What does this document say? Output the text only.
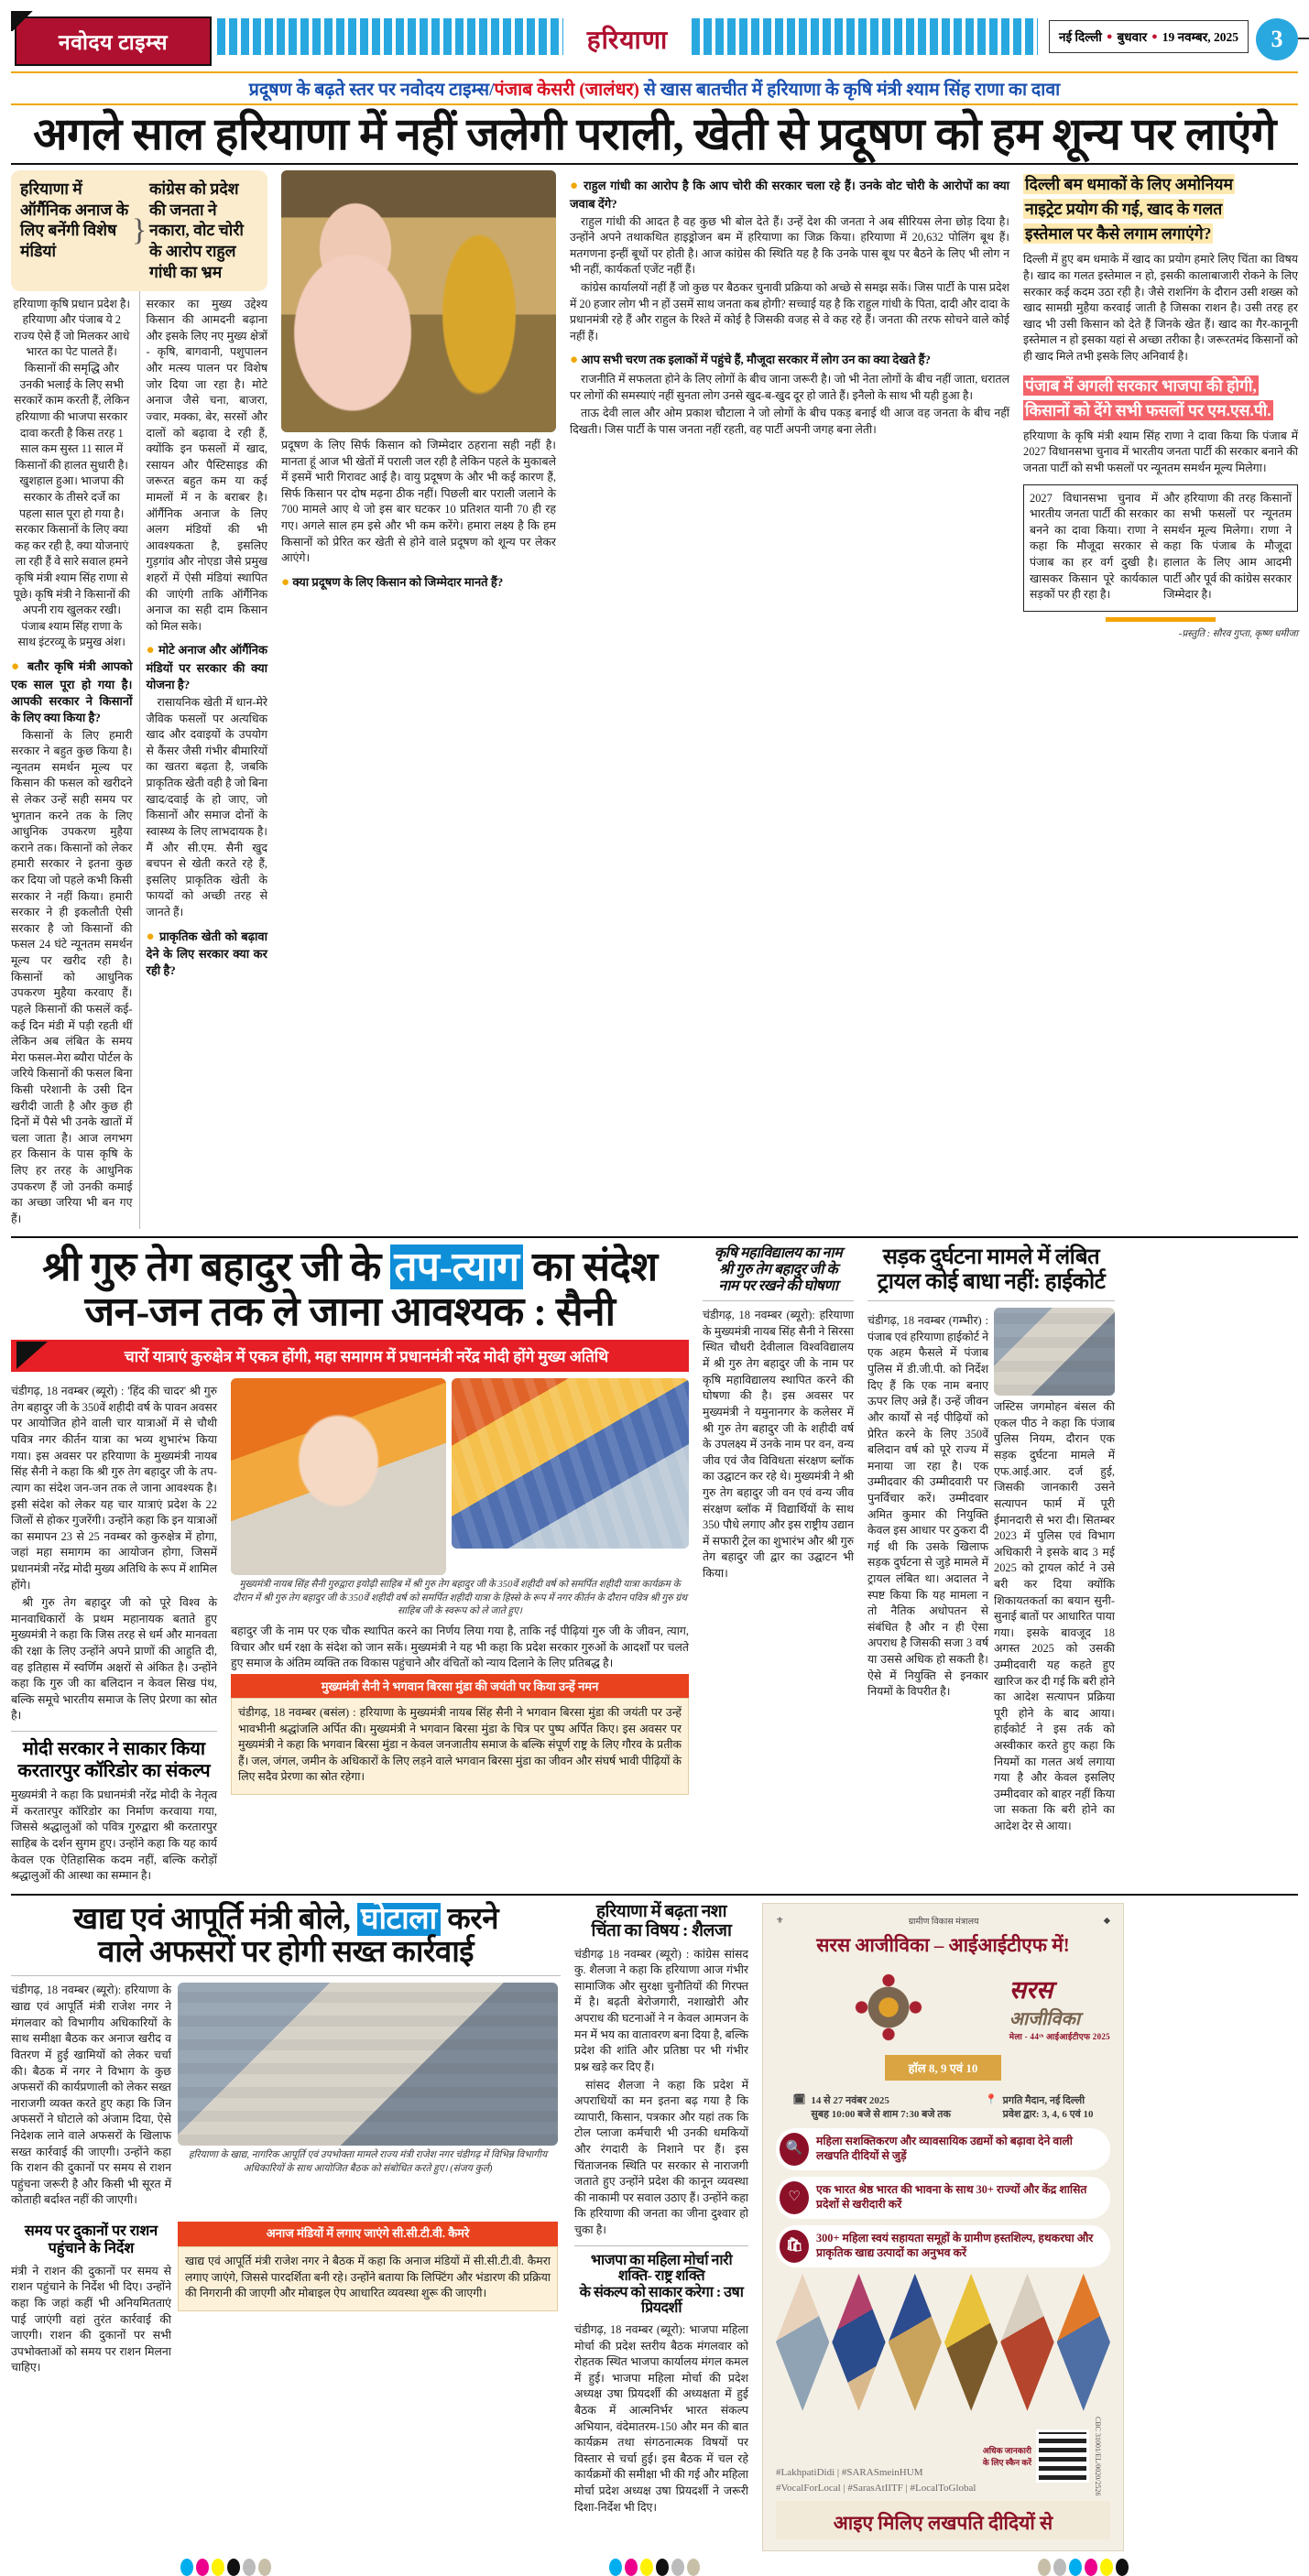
नवोदय टाइम्स	हरियाणा	नई दिल्ली ● बुधवार ● 19 नवम्बर, 2025	3
प्रदूषण के बढ़ते स्तर पर नवोदय टाइम्स/पंजाब केसरी (जालंधर) से खास बातचीत में हरियाणा के कृषि मंत्री श्याम सिंह राणा का दावा
अगले साल हरियाणा में नहीं जलेगी पराली, खेती से प्रदूषण को हम शून्य पर लाएंगे
हरियाणा में ऑर्गैनिक अनाज के लिए बनेंगी विशेष मंडियां
}
कांग्रेस को प्रदेश की जनता ने नकारा, वोट चोरी के आरोप राहुल गांधी का भ्रम

हरियाणा कृषि प्रधान प्रदेश है। हरियाणा और पंजाब ये 2 राज्य ऐसे हैं जो मिलकर आधे भारत का पेट पालते हैं। किसानों की समृद्धि और उनकी भलाई के लिए सभी सरकारें काम करती हैं, लेकिन हरियाणा की भाजपा सरकार दावा करती है किस तरह 1 साल कम सुस्त 11 साल में किसानों की हालत सुधारी है। खुशहाल हुआ। भाजपा की सरकार के तीसरे दर्जे का पहला साल पूरा हो गया है। सरकार किसानों के लिए क्या कह कर रही है, क्या योजनाएं ला रही हैं वे सारे सवाल हमने कृषि मंत्री श्याम सिंह राणा से पूछे। कृषि मंत्री ने किसानों की अपनी राय खुलकर रखी। पंजाब श्याम सिंह राणा के साथ इंटरव्यू के प्रमुख अंश।

● बतौर कृषि मंत्री आपको एक साल पूरा हो गया है। आपकी सरकार ने किसानों के लिए क्या किया है?

किसानों के लिए हमारी सरकार ने बहुत कुछ किया है। न्यूनतम समर्थन मूल्य पर किसान की फसल को खरीदने से लेकर उन्हें सही समय पर भुगतान करने तक के लिए आधुनिक उपकरण मुहैया कराने तक। किसानों को लेकर हमारी सरकार ने इतना कुछ कर दिया जो पहले कभी किसी सरकार ने नहीं किया। हमारी सरकार ने ही इकलौती ऐसी सरकार है जो किसानों की फसल 24 घंटे न्यूनतम समर्थन मूल्य पर खरीद रही है। किसानों को आधुनिक उपकरण मुहैया करवाए हैं। पहले किसानों की फसलें कई-कई दिन मंडी में पड़ी रहती थीं लेकिन अब लंबित के समय मेरा फसल-मेरा ब्यौरा पोर्टल के जरिये किसानों की फसल बिना किसी परेशानी के उसी दिन खरीदी जाती है और कुछ ही दिनों में पैसे भी उनके खातों में चला जाता है। आज लगभग हर किसान के पास कृषि के लिए हर तरह के आधुनिक उपकरण हैं जो उनकी कमाई का अच्छा जरिया भी बन गए हैं।

सरकार का मुख्य उद्देश्य किसान की आमदनी बढ़ाना और इसके लिए नए मुख्य क्षेत्रों - कृषि, बागवानी, पशुपालन और मत्स्य पालन पर विशेष जोर दिया जा रहा है। मोटे अनाज जैसे चना, बाजरा, ज्वार, मक्का, बेर, सरसों और दालों को बढ़ावा दे रही हैं, क्योंकि इन फसलों में खाद, रसायन और पैस्टिसाइड की जरूरत बहुत कम या कई मामलों में न के बराबर है। ऑर्गैनिक अनाज के लिए अलग मंडियों की भी आवश्यकता है, इसलिए गुड़गांव और नोएडा जैसे प्रमुख शहरों में ऐसी मंडियां स्थापित की जाएंगी ताकि ऑर्गैनिक अनाज का सही दाम किसान को मिल सके।

● मोटे अनाज और ऑर्गैनिक मंडियों पर सरकार की क्या योजना है?

रासायनिक खेती में धान-मेरे जैविक फसलों पर अत्यधिक खाद और दवाइयों के उपयोग से कैंसर जैसी गंभीर बीमारियों का खतरा बढ़ता है, जबकि प्राकृतिक खेती वही है जो बिना खाद/दवाई के हो जाए, जो किसानों और समाज दोनों के स्वास्थ्य के लिए लाभदायक है। मैं और सी.एम. सैनी खुद बचपन से खेती करते रहे हैं, इसलिए प्राकृतिक खेती के फायदों को अच्छी तरह से जानते हैं।

● प्राकृतिक खेती को बढ़ावा देने के लिए सरकार क्या कर रही है?

प्रदूषण के लिए सिर्फ किसान को जिम्मेदार ठहराना सही नहीं है। मानता हूं आज भी खेतों में पराली जल रही है लेकिन पहले के मुकाबले में इसमें भारी गिरावट आई है। वायु प्रदूषण के और भी कई कारण हैं, सिर्फ किसान पर दोष मढ़ना ठीक नहीं। पिछली बार पराली जलाने के 700 मामले आए थे जो इस बार घटकर 10 प्रतिशत यानी 70 ही रह गए। अगले साल हम इसे और भी कम करेंगे। हमारा लक्ष्य है कि हम किसानों को प्रेरित कर खेती से होने वाले प्रदूषण को शून्य पर लेकर आएंगे।

● क्या प्रदूषण के लिए किसान को जिम्मेदार मानते हैं?

● राहुल गांधी का आरोप है कि आप चोरी की सरकार चला रहे हैं। उनके वोट चोरी के आरोपों का क्या जवाब देंगे?

राहुल गांधी की आदत है वह कुछ भी बोल देते हैं। उन्हें देश की जनता ने अब सीरियस लेना छोड़ दिया है। उन्होंने अपने तथाकथित हाइड्रोजन बम में हरियाणा का जिक्र किया। हरियाणा में 20,632 पोलिंग बूथ हैं। मतगणना इन्हीं बूथों पर होती है। आज कांग्रेस की स्थिति यह है कि उनके पास बूथ पर बैठने के लिए भी लोग न भी नहीं, कार्यकर्ता एजेंट नहीं हैं।

कांग्रेस कार्यालयों नहीं हैं जो कुछ पर बैठकर चुनावी प्रक्रिया को अच्छे से समझ सकें। जिस पार्टी के पास प्रदेश में 20 हजार लोग भी न हों उसमें साथ जनता कब होगी? सच्चाई यह है कि राहुल गांधी के पिता, दादी और दादा के प्रधानमंत्री रहे हैं और राहुल के रिश्ते में कोई है जिसकी वजह से वे कह रहे हैं। जनता की तरफ सोचने वाले कोई नहीं हैं।

● आप सभी चरण तक इलाकों में पहुंचे हैं, मौजूदा सरकार में लोग उन का क्या देखते हैं?

राजनीति में सफलता होने के लिए लोगों के बीच जाना जरूरी है। जो भी नेता लोगों के बीच नहीं जाता, धरातल पर लोगों की समस्याएं नहीं सुनता लोग उनसे खुद-ब-खुद दूर हो जाते हैं। इनैलो के साथ भी यही हुआ है।

ताऊ देवी लाल और ओम प्रकाश चौटाला ने जो लोगों के बीच पकड़ बनाई थी आज वह जनता के बीच नहीं दिखती। जिस पार्टी के पास जनता नहीं रहती, वह पार्टी अपनी जगह बना लेती।

दिल्ली बम धमाकों के लिए अमोनियम
नाइट्रेट प्रयोग की गई, खाद के गलत
इस्तेमाल पर कैसे लगाम लगाएंगे?

दिल्ली में हुए बम धमाके में खाद का प्रयोग हमारे लिए चिंता का विषय है। खाद का गलत इस्तेमाल न हो, इसकी कालाबाजारी रोकने के लिए सरकार कई कदम उठा रही है। जैसे राशनिंग के दौरान उसी शख्स को खाद सामग्री मुहैया करवाई जाती है जिसका राशन है। उसी तरह हर खाद भी उसी किसान को देते हैं जिनके खेत हैं। खाद का गैर-कानूनी इस्तेमाल न हो इसका यहां से अच्छा तरीका है। जरूरतमंद किसानों को ही खाद मिले तभी इसके लिए अनिवार्य है।

पंजाब में अगली सरकार भाजपा की होगी,
किसानों को देंगे सभी फसलों पर एम.एस.पी.

हरियाणा के कृषि मंत्री श्याम सिंह राणा ने दावा किया कि पंजाब में 2027 विधानसभा चुनाव में भारतीय जनता पार्टी की सरकार बनाने की जनता पार्टी को सभी फसलों पर न्यूनतम समर्थन मूल्य मिलेगा।

2027 विधानसभा चुनाव में भारतीय जनता पार्टी की सरकार बनने का दावा किया। राणा ने कहा कि मौजूदा सरकार से पंजाब का हर वर्ग दुखी है। खासकर किसान पूरे कार्यकाल सड़कों पर ही रहा है।

और हरियाणा की तरह किसानों का सभी फसलों पर न्यूनतम समर्थन मूल्य मिलेगा। राणा ने कहा कि पंजाब के मौजूदा हालात के लिए आम आदमी पार्टी और पूर्व की कांग्रेस सरकार जिम्मेदार है।

-प्रस्तुति : सौरव गुप्ता, कृष्ण धमीजा
श्री गुरु तेग बहादुर जी के तप-त्याग का संदेश
जन-जन तक ले जाना आवश्यक : सैनी
चारों यात्राएं कुरुक्षेत्र में एकत्र होंगी, महा समागम में प्रधानमंत्री नरेंद्र मोदी होंगे मुख्य अतिथि

चंडीगढ़, 18 नवम्बर (ब्यूरो) : 'हिंद की चादर' श्री गुरु तेग बहादुर जी के 350वें शहीदी वर्ष के पावन अवसर पर आयोजित होने वाली चार यात्राओं में से चौथी पवित्र नगर कीर्तन यात्रा का भव्य शुभारंभ किया गया। इस अवसर पर हरियाणा के मुख्यमंत्री नायब सिंह सैनी ने कहा कि श्री गुरु तेग बहादुर जी के तप-त्याग का संदेश जन-जन तक ले जाना आवश्यक है। इसी संदेश को लेकर यह चार यात्राएं प्रदेश के 22 जिलों से होकर गुजरेंगी। उन्होंने कहा कि इन यात्राओं का समापन 23 से 25 नवम्बर को कुरुक्षेत्र में होगा, जहां महा समागम का आयोजन होगा, जिसमें प्रधानमंत्री नरेंद्र मोदी मुख्य अतिथि के रूप में शामिल होंगे।

श्री गुरु तेग बहादुर जी को पूरे विश्व के मानवाधिकारों के प्रथम महानायक बताते हुए मुख्यमंत्री ने कहा कि जिस तरह से धर्म और मानवता की रक्षा के लिए उन्होंने अपने प्राणों की आहुति दी, वह इतिहास में स्वर्णिम अक्षरों से अंकित है। उन्होंने कहा कि गुरु जी का बलिदान न केवल सिख पंथ, बल्कि समूचे भारतीय समाज के लिए प्रेरणा का स्रोत है।

मोदी सरकार ने साकार किया करतारपुर कॉरिडोर का संकल्प

मुख्यमंत्री ने कहा कि प्रधानमंत्री नरेंद्र मोदी के नेतृत्व में करतारपुर कॉरिडोर का निर्माण करवाया गया, जिससे श्रद्धालुओं को पवित्र गुरुद्वारा श्री करतारपुर साहिब के दर्शन सुगम हुए। उन्होंने कहा कि यह कार्य केवल एक ऐतिहासिक कदम नहीं, बल्कि करोड़ों श्रद्धालुओं की आस्था का सम्मान है।

मुख्यमंत्री नायब सिंह सैनी गुरुद्वारा इयोढ़ी साहिब में श्री गुरु तेग बहादुर जी के 350वें शहीदी वर्ष को समर्पित शहीदी यात्रा कार्यक्रम के दौरान में श्री गुरु तेग बहादुर जी के 350वें शहीदी वर्ष को समर्पित शहीदी यात्रा के हिस्से के रूप में नगर कीर्तन के दौरान पवित्र श्री गुरु ग्रंथ साहिब जी के स्वरूप को ले जाते हुए।

बहादुर जी के नाम पर एक चौक स्थापित करने का निर्णय लिया गया है, ताकि नई पीढ़ियां गुरु जी के जीवन, त्याग, विचार और धर्म रक्षा के संदेश को जान सकें। मुख्यमंत्री ने यह भी कहा कि प्रदेश सरकार गुरुओं के आदर्शों पर चलते हुए समाज के अंतिम व्यक्ति तक विकास पहुंचाने और वंचितों को न्याय दिलाने के लिए प्रतिबद्ध है।

मुख्यमंत्री सैनी ने भगवान बिरसा मुंडा की जयंती पर किया उन्हें नमन

चंडीगढ़, 18 नवम्बर (बसंल) : हरियाणा के मुख्यमंत्री नायब सिंह सैनी ने भगवान बिरसा मुंडा की जयंती पर उन्हें भावभीनी श्रद्धांजलि अर्पित की। मुख्यमंत्री ने भगवान बिरसा मुंडा के चित्र पर पुष्प अर्पित किए। इस अवसर पर मुख्यमंत्री ने कहा कि भगवान बिरसा मुंडा न केवल जनजातीय समाज के बल्कि संपूर्ण राष्ट्र के लिए गौरव के प्रतीक हैं। जल, जंगल, जमीन के अधिकारों के लिए लड़ने वाले भगवान बिरसा मुंडा का जीवन और संघर्ष भावी पीढ़ियों के लिए सदैव प्रेरणा का स्रोत रहेगा।

कृषि महाविद्यालय का नाम
श्री गुरु तेग बहादुर जी के
नाम पर रखने की घोषणा

चंडीगढ़, 18 नवम्बर (ब्यूरो): हरियाणा के मुख्यमंत्री नायब सिंह सैनी ने सिरसा स्थित चौधरी देवीलाल विश्वविद्यालय में श्री गुरु तेग बहादुर जी के नाम पर कृषि महाविद्यालय स्थापित करने की घोषणा की है। इस अवसर पर मुख्यमंत्री ने यमुनानगर के कलेसर में श्री गुरु तेग बहादुर जी के शहीदी वर्ष के उपलक्ष्य में उनके नाम पर वन, वन्य जीव एवं जैव विविधता संरक्षण ब्लॉक का उद्घाटन कर रहे थे। मुख्यमंत्री ने श्री गुरु तेग बहादुर जी वन एवं वन्य जीव संरक्षण ब्लॉक में विद्यार्थियों के साथ 350 पौधे लगाए और इस राष्ट्रीय उद्यान में सफारी ट्रेल का शुभारंभ और श्री गुरु तेग बहादुर जी द्वार का उद्घाटन भी किया।

सड़क दुर्घटना मामले में लंबित
ट्रायल कोई बाधा नहीं: हाईकोर्ट

चंडीगढ़, 18 नवम्बर (गम्भीर) : पंजाब एवं हरियाणा हाईकोर्ट ने एक अहम फैसले में पंजाब पुलिस में डी.जी.पी. को निर्देश दिए हैं कि एक नाम बनाए ऊपर लिए अन्ने हैं। उन्हें जीवन और कार्यों से नई पीढ़ियों को प्रेरित करने के लिए 350वें बलिदान वर्ष को पूरे राज्य में मनाया जा रहा है। एक उम्मीदवार की उम्मीदवारी पर पुनर्विचार करें। उम्मीदवार अमित कुमार की नियुक्ति केवल इस आधार पर ठुकरा दी गई थी कि उसके खिलाफ सड़क दुर्घटना से जुड़े मामले में ट्रायल लंबित था। अदालत ने स्पष्ट किया कि यह मामला न तो नैतिक अधोपतन से संबंधित है और न ही ऐसा अपराध है जिसकी सजा 3 वर्ष या उससे अधिक हो सकती है। ऐसे में नियुक्ति से इनकार नियमों के विपरीत है।

जस्टिस जगमोहन बंसल की एकल पीठ ने कहा कि पंजाब पुलिस नियम, दौरान एक सड़क दुर्घटना मामले में एफ.आई.आर. दर्ज हुई, जिसकी जानकारी उसने सत्यापन फार्म में पूरी ईमानदारी से भरा दी। सितम्बर 2023 में पुलिस एवं विभाग अधिकारी ने इसके बाद 3 मई 2025 को ट्रायल कोर्ट ने उसे बरी कर दिया क्योंकि शिकायतकर्ता का बयान सुनी-सुनाई बातों पर आधारित पाया गया। इसके बावजूद 18 अगस्त 2025 को उसकी उम्मीदवारी यह कहते हुए खारिज कर दी गई कि बरी होने का आदेश सत्यापन प्रक्रिया पूरी होने के बाद आया। हाईकोर्ट ने इस तर्क को अस्वीकार करते हुए कहा कि नियमों का गलत अर्थ लगाया गया है और केवल इसलिए उम्मीदवार को बाहर नहीं किया जा सकता कि बरी होने का आदेश देर से आया।

खाद्य एवं आपूर्ति मंत्री बोले, घोटाला करने
वाले अफसरों पर होगी सख्त कार्रवाई

चंडीगढ़, 18 नवम्बर (ब्यूरो): हरियाणा के खाद्य एवं आपूर्ति मंत्री राजेश नगर ने मंगलवार को विभागीय अधिकारियों के साथ समीक्षा बैठक कर अनाज खरीद व वितरण में हुई खामियों को लेकर चर्चा की। बैठक में नगर ने विभाग के कुछ अफसरों की कार्यप्रणाली को लेकर सख्त नाराजगी व्यक्त करते हुए कहा कि जिन अफसरों ने घोटाले को अंजाम दिया, ऐसे निदेशक लाने वाले अफसरों के खिलाफ सख्त कार्रवाई की जाएगी। उन्होंने कहा कि राशन की दुकानों पर समय से राशन पहुंचना जरूरी है और किसी भी सूरत में कोताही बर्दाश्त नहीं की जाएगी।

हरियाणा के खाद्य, नागरिक आपूर्ति एवं उपभोक्ता मामले राज्य मंत्री राजेश नगर चंडीगढ़ में विभिन्न विभागीय अधिकारियों के साथ आयोजित बैठक को संबोधित करते हुए। (संजय कुर्ल)
समय पर दुकानों पर राशन पहुंचाने के निर्देश

मंत्री ने राशन की दुकानों पर समय से राशन पहुंचाने के निर्देश भी दिए। उन्होंने कहा कि जहां कहीं भी अनियमितताएं पाई जाएंगी वहां तुरंत कार्रवाई की जाएगी। राशन की दुकानों पर सभी उपभोक्ताओं को समय पर राशन मिलना चाहिए।

अनाज मंडियों में लगाए जाएंगे सी.सी.टी.वी. कैमरे

खाद्य एवं आपूर्ति मंत्री राजेश नगर ने बैठक में कहा कि अनाज मंडियों में सी.सी.टी.वी. कैमरा लगाए जाएंगे, जिससे पारदर्शिता बनी रहे। उन्होंने बताया कि लिफ्टिंग और भंडारण की प्रक्रिया की निगरानी की जाएगी और मोबाइल ऐप आधारित व्यवस्था शुरू की जाएगी।

हरियाणा में बढ़ता नशा
चिंता का विषय : शैलजा

चंडीगढ़ 18 नवम्बर (ब्यूरो) : कांग्रेस सांसद कु. शैलजा ने कहा कि हरियाणा आज गंभीर सामाजिक और सुरक्षा चुनौतियों की गिरफ्त में है। बढ़ती बेरोजगारी, नशाखोरी और अपराध की घटनाओं ने न केवल आमजन के मन में भय का वातावरण बना दिया है, बल्कि प्रदेश की शांति और प्रतिष्ठा पर भी गंभीर प्रश्न खड़े कर दिए हैं।

सांसद शैलजा ने कहा कि प्रदेश में अपराधियों का मन इतना बढ़ गया है कि व्यापारी, किसान, पत्रकार और यहां तक कि टोल प्लाजा कर्मचारी भी उनकी धमकियों और रंगदारी के निशाने पर हैं। इस चिंताजनक स्थिति पर सरकार से नाराजगी जताते हुए उन्होंने प्रदेश की कानून व्यवस्था की नाकामी पर सवाल उठाए हैं। उन्होंने कहा कि हरियाणा की जनता का जीना दुश्वार हो चुका है।

भाजपा का महिला मोर्चा नारी शक्ति- राष्ट्र शक्ति
के संकल्प को साकार करेगा : उषा प्रियदर्शी

चंडीगढ़, 18 नवम्बर (ब्यूरो): भाजपा महिला मोर्चा की प्रदेश स्तरीय बैठक मंगलवार को रोहतक स्थित भाजपा कार्यालय मंगल कमल में हुई। भाजपा महिला मोर्चा की प्रदेश अध्यक्ष उषा प्रियदर्शी की अध्यक्षता में हुई बैठक में आत्मनिर्भर भारत संकल्प अभियान, वंदेमातरम-150 और मन की बात कार्यक्रम तथा संगठनात्मक विषयों पर विस्तार से चर्चा हुई। इस बैठक में चल रहे कार्यक्रमों की समीक्षा भी की गई और महिला मोर्चा प्रदेश अध्यक्ष उषा प्रियदर्शी ने जरूरी दिशा-निर्देश भी दिए।

⚜	ग्रामीण विकास मंत्रालय	◆
सरस आजीविका – आईआईटीएफ में!
सरस
आजीविका
मेला - 44ᵗʰ आईआईटीएफ 2025
हॉल 8, 9 एवं 10
🗓 14 से 27 नवंबर 2025
सुबह 10:00 बजे से शाम 7:30 बजे तक
📍 प्रगति मैदान, नई दिल्ली
प्रवेश द्वार: 3, 4, 6 एवं 10
🔍
महिला सशक्तिकरण और व्यावसायिक उद्यमों को बढ़ावा देने वाली लखपति दीदियों से जुड़ें
♡
एक भारत श्रेष्ठ भारत की भावना के साथ 30+ राज्यों और केंद्र शासित प्रदेशों से खरीदारी करें
🛍
300+ महिला स्वयं सहायता समूहों के ग्रामीण हस्तशिल्प, हथकरघा और प्राकृतिक खाद्य उत्पादों का अनुभव करें
#LakhpatiDidi | #SARASmeinHUM
#VocalForLocal | #SarasAtIITF | #LocalToGlobal
अधिक जानकारी
के लिए स्कैन करें	CBC 31001/EL/0020/2526
आइए मिलिए लखपति दीदियों से
